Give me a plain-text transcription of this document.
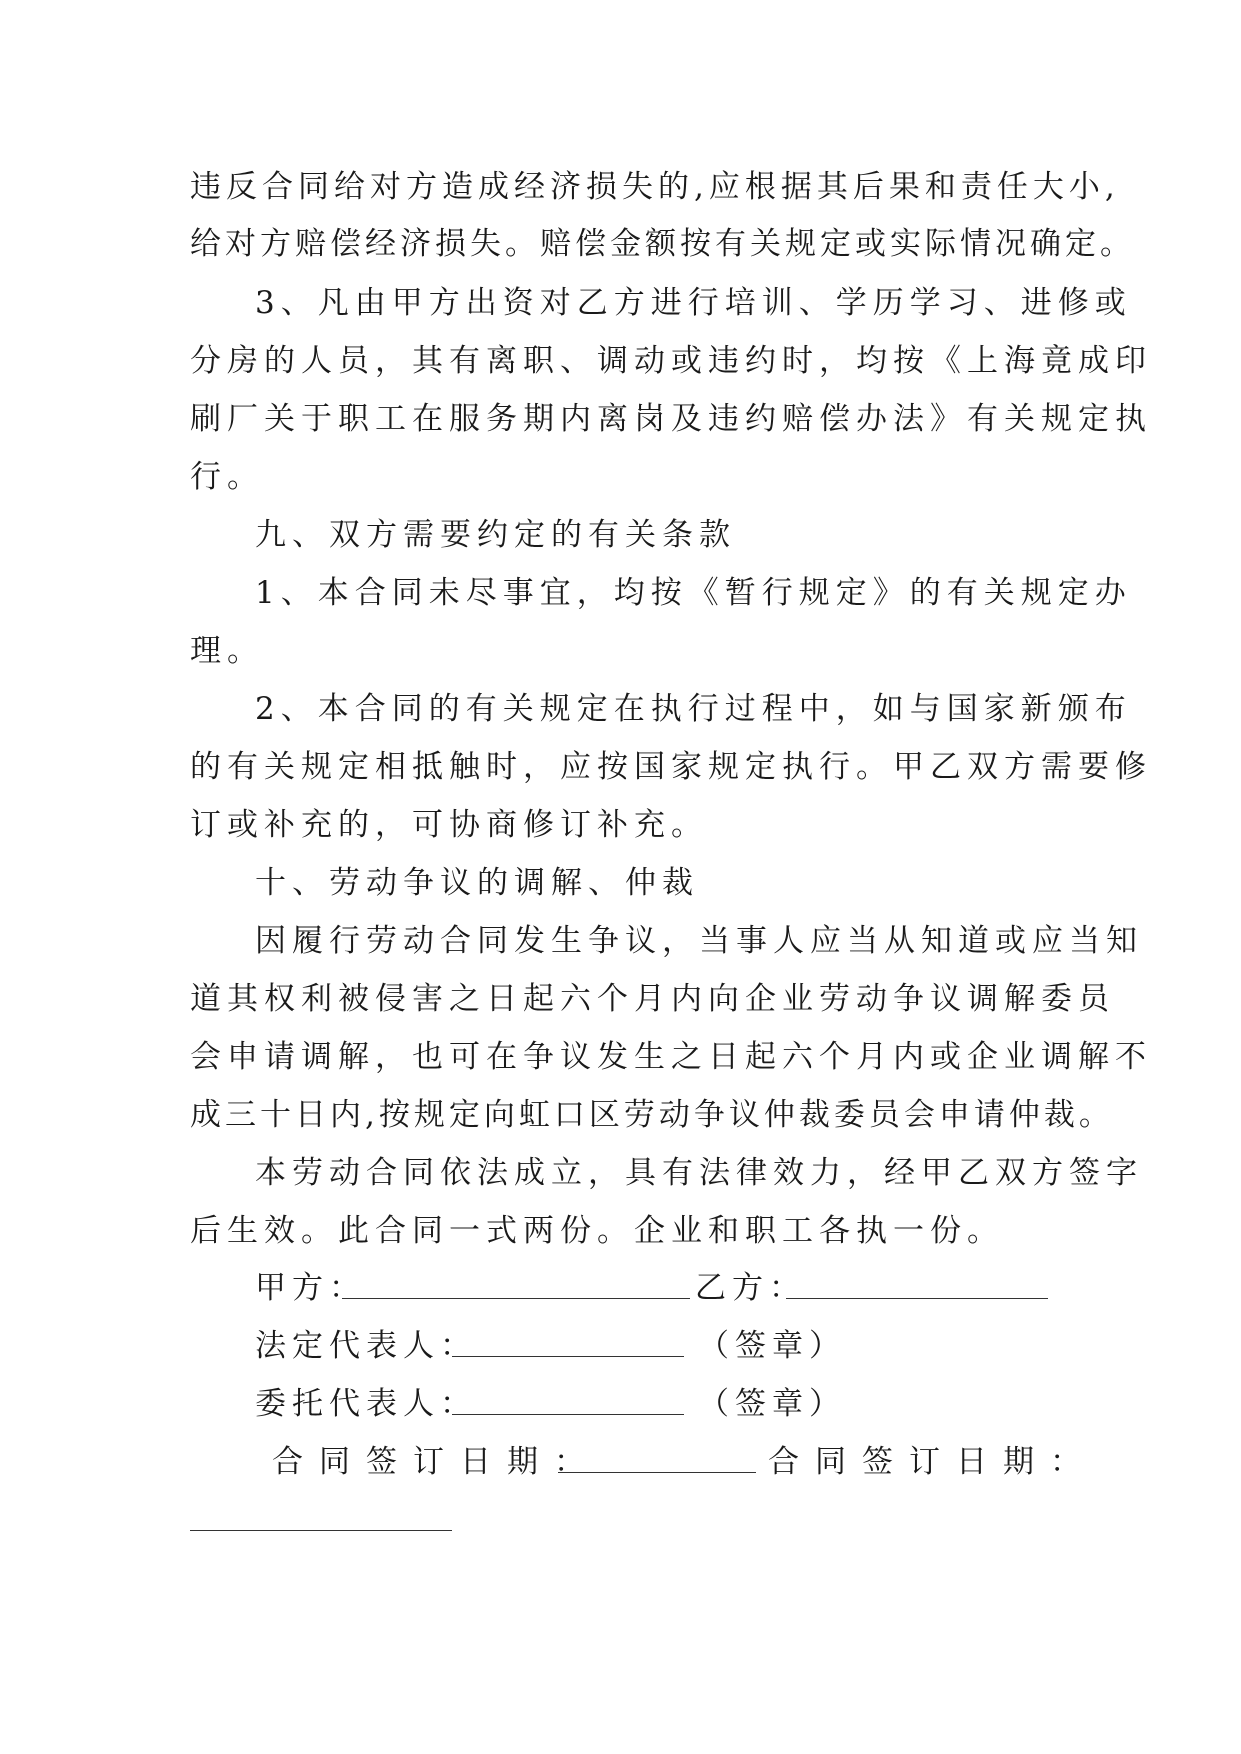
违反合同给对方造成经济损失的,应根据其后果和责任大小,

给对方赔偿经济损失。赔偿金额按有关规定或实际情况确定。

3、凡由甲方出资对乙方进行培训、学历学习、进修或

分房的人员，其有离职、调动或违约时，均按《上海竟成印

刷厂关于职工在服务期内离岗及违约赔偿办法》有关规定执

行。

九、双方需要约定的有关条款

1、本合同未尽事宜，均按《暂行规定》的有关规定办

理。

2、本合同的有关规定在执行过程中，如与国家新颁布

的有关规定相抵触时，应按国家规定执行。甲乙双方需要修

订或补充的，可协商修订补充。

十、劳动争议的调解、仲裁

因履行劳动合同发生争议，当事人应当从知道或应当知

道其权利被侵害之日起六个月内向企业劳动争议调解委员

会申请调解，也可在争议发生之日起六个月内或企业调解不

成三十日内,按规定向虹口区劳动争议仲裁委员会申请仲裁。

本劳动合同依法成立，具有法律效力，经甲乙双方签字

后生效。此合同一式两份。企业和职工各执一份。

甲方：	乙方：
法定代表人：	（签章）
委托代表人：	（签章）
合同签订日期：	合同签订日期：
